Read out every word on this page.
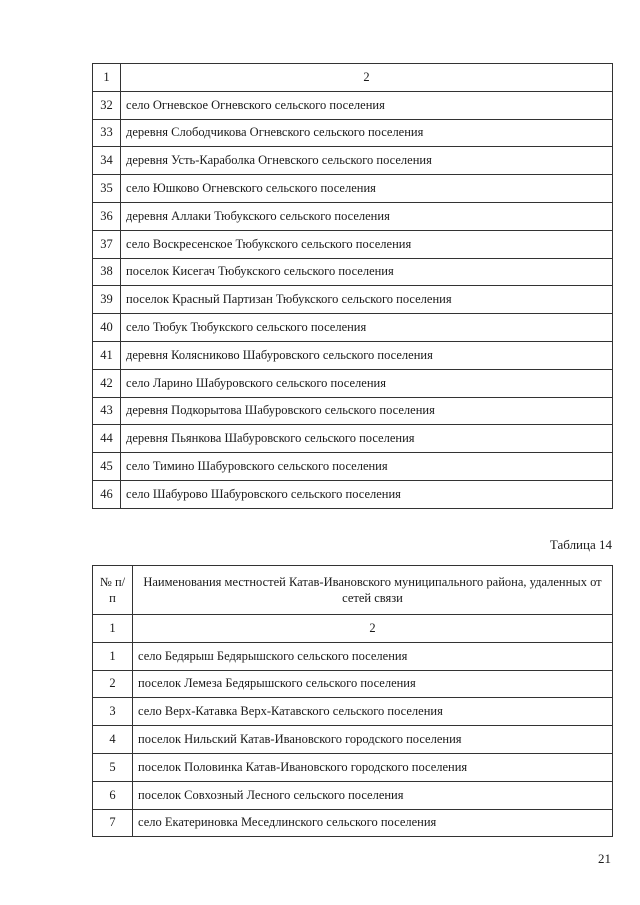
1	2
32	село Огневское Огневского сельского поселения
33	деревня Слободчикова Огневского сельского поселения
34	деревня Усть-Караболка Огневского сельского поселения
35	село Юшково Огневского сельского поселения
36	деревня Аллаки Тюбукского сельского поселения
37	село Воскресенское Тюбукского сельского поселения
38	поселок Кисегач Тюбукского сельского поселения
39	поселок Красный Партизан Тюбукского сельского поселения
40	село Тюбук Тюбукского сельского поселения
41	деревня Колясниково Шабуровского сельского поселения
42	село Ларино Шабуровского сельского поселения
43	деревня Подкорытова Шабуровского сельского поселения
44	деревня Пьянкова Шабуровского сельского поселения
45	село Тимино Шабуровского сельского поселения
46	село Шабурово Шабуровского сельского поселения
Таблица 14
№ п/п	Наименования местностей Катав-Ивановского муниципального района, удаленных от сетей связи
1	2
1	село Бедярыш Бедярышского сельского поселения
2	поселок Лемеза Бедярышского сельского поселения
3	село Верх-Катавка Верх-Катавского сельского поселения
4	поселок Нильский Катав-Ивановского городского поселения
5	поселок Половинка Катав-Ивановского городского поселения
6	поселок Совхозный Лесного сельского поселения
7	село Екатериновка Меседлинского сельского поселения
21
